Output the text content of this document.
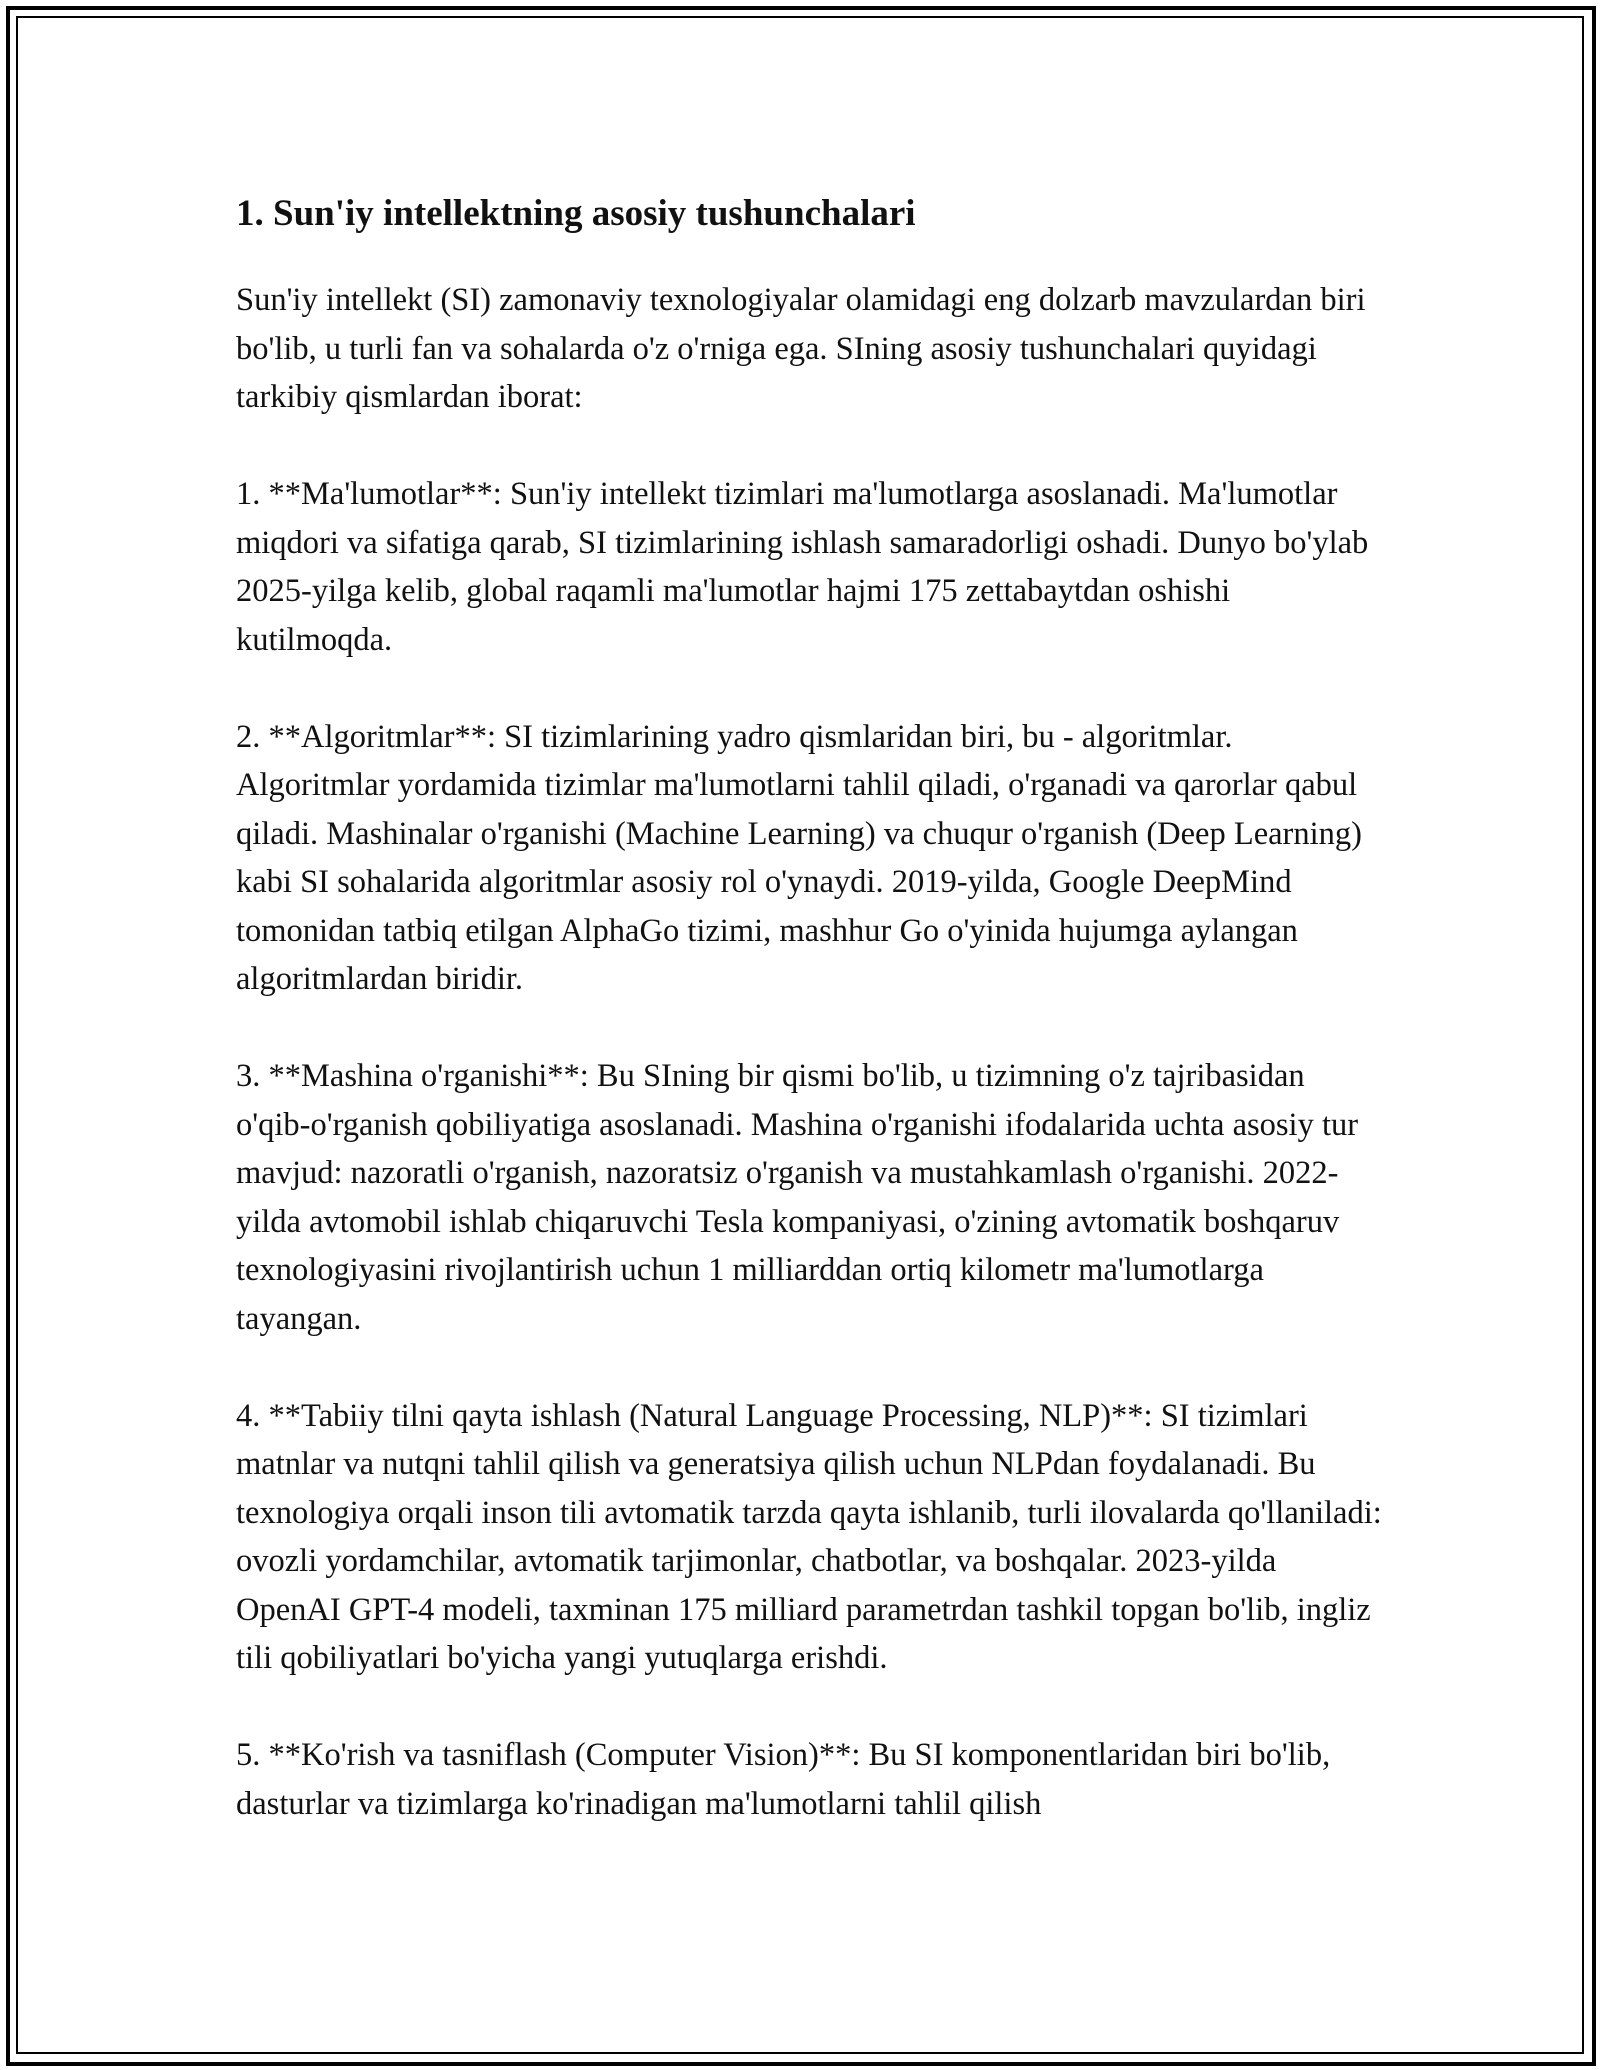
1. Sun'iy intellektning asosiy tushunchalari

Sun'iy intellekt (SI) zamonaviy texnologiyalar olamidagi eng dolzarb mavzulardan biri bo'lib, u turli fan va sohalarda o'z o'rniga ega. SIning asosiy tushunchalari quyidagi tarkibiy qismlardan iborat:

1. **Ma'lumotlar**: Sun'iy intellekt tizimlari ma'lumotlarga asoslanadi. Ma'lumotlar miqdori va sifatiga qarab, SI tizimlarining ishlash samaradorligi oshadi. Dunyo bo'ylab 2025-yilga kelib, global raqamli ma'lumotlar hajmi 175 zettabaytdan oshishi kutilmoqda.

2. **Algoritmlar**: SI tizimlarining yadro qismlaridan biri, bu - algoritmlar. Algoritmlar yordamida tizimlar ma'lumotlarni tahlil qiladi, o'rganadi va qarorlar qabul qiladi. Mashinalar o'rganishi (Machine Learning) va chuqur o'rganish (Deep Learning) kabi SI sohalarida algoritmlar asosiy rol o'ynaydi. 2019-yilda, Google DeepMind tomonidan tatbiq etilgan AlphaGo tizimi, mashhur Go o'yinida hujumga aylangan algoritmlardan biridir.

3. **Mashina o'rganishi**: Bu SIning bir qismi bo'lib, u tizimning o'z tajribasidan o'qib-o'rganish qobiliyatiga asoslanadi. Mashina o'rganishi ifodalarida uchta asosiy tur mavjud: nazoratli o'rganish, nazoratsiz o'rganish va mustahkamlash o'rganishi. 2022-yilda avtomobil ishlab chiqaruvchi Tesla kompaniyasi, o'zining avtomatik boshqaruv texnologiyasini rivojlantirish uchun 1 milliarddan ortiq kilometr ma'lumotlarga tayangan.

4. **Tabiiy tilni qayta ishlash (Natural Language Processing, NLP)**: SI tizimlari matnlar va nutqni tahlil qilish va generatsiya qilish uchun NLPdan foydalanadi. Bu texnologiya orqali inson tili avtomatik tarzda qayta ishlanib, turli ilovalarda qo'llaniladi: ovozli yordamchilar, avtomatik tarjimonlar, chatbotlar, va boshqalar. 2023-yilda OpenAI GPT-4 modeli, taxminan 175 milliard parametrdan tashkil topgan bo'lib, ingliz tili qobiliyatlari bo'yicha yangi yutuqlarga erishdi.

5. **Ko'rish va tasniflash (Computer Vision)**: Bu SI komponentlaridan biri bo'lib, dasturlar va tizimlarga ko'rinadigan ma'lumotlarni tahlil qilish
